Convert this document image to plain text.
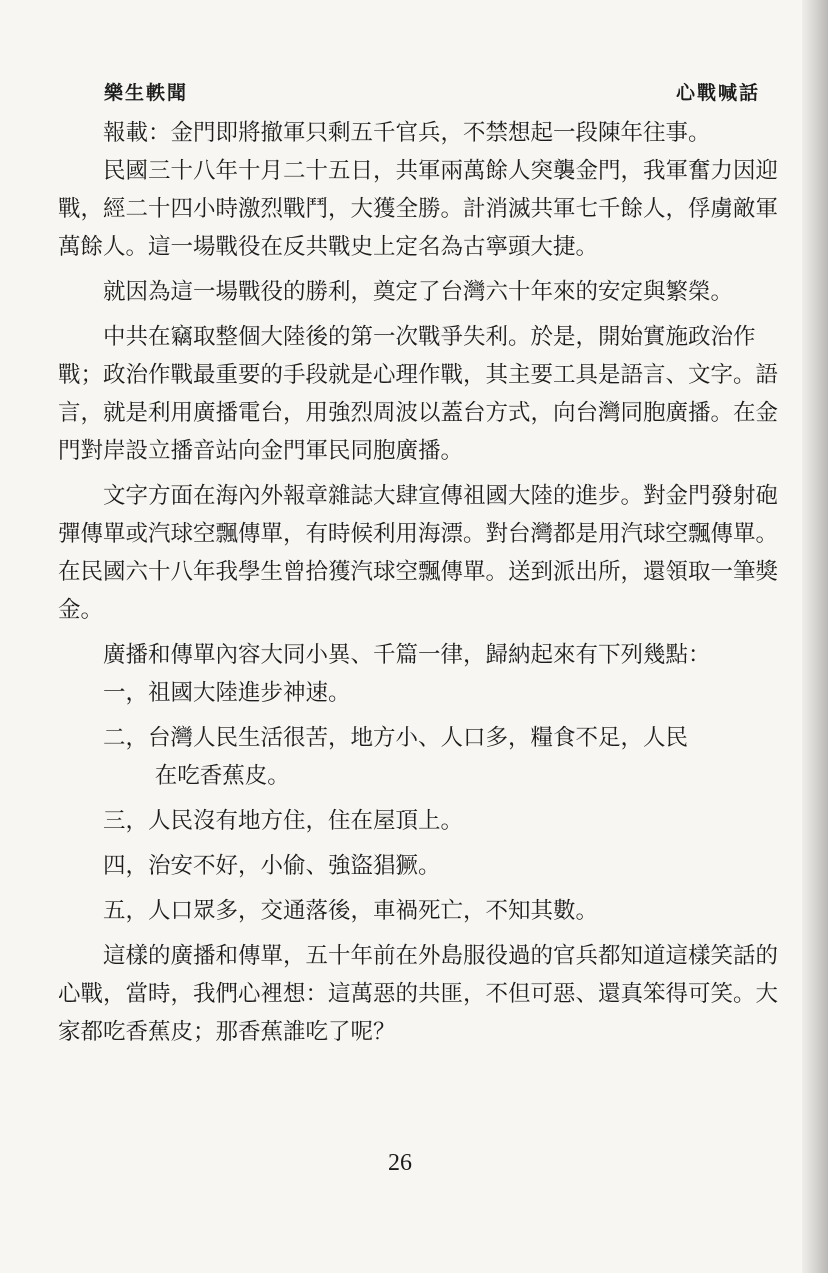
樂生軼聞	心戰喊話

報載：金門即將撤軍只剩五千官兵，不禁想起一段陳年往事。

民國三十八年十月二十五日，共軍兩萬餘人突襲金門，我軍奮力因迎戰，經二十四小時激烈戰鬥，大獲全勝。計消滅共軍七千餘人，俘虜敵軍萬餘人。這一場戰役在反共戰史上定名為古寧頭大捷。

就因為這一場戰役的勝利，奠定了台灣六十年來的安定與繁榮。

中共在竊取整個大陸後的第一次戰爭失利。於是，開始實施政治作戰；政治作戰最重要的手段就是心理作戰，其主要工具是語言、文字。語言，就是利用廣播電台，用強烈周波以蓋台方式，向台灣同胞廣播。在金門對岸設立播音站向金門軍民同胞廣播。

文字方面在海內外報章雜誌大肆宣傳祖國大陸的進步。對金門發射砲彈傳單或汽球空飄傳單，有時候利用海漂。對台灣都是用汽球空飄傳單。在民國六十八年我學生曾拾獲汽球空飄傳單。送到派出所，還領取一筆獎金。

廣播和傳單內容大同小異、千篇一律，歸納起來有下列幾點：

一，祖國大陸進步神速。
二，台灣人民生活很苦，地方小、人口多，糧食不足，人民
在吃香蕉皮。
三，人民沒有地方住，住在屋頂上。
四，治安不好，小偷、強盜猖獗。
五，人口眾多，交通落後，車禍死亡，不知其數。

這樣的廣播和傳單，五十年前在外島服役過的官兵都知道這樣笑話的心戰，當時，我們心裡想：這萬惡的共匪，不但可惡、還真笨得可笑。大家都吃香蕉皮；那香蕉誰吃了呢？

26
